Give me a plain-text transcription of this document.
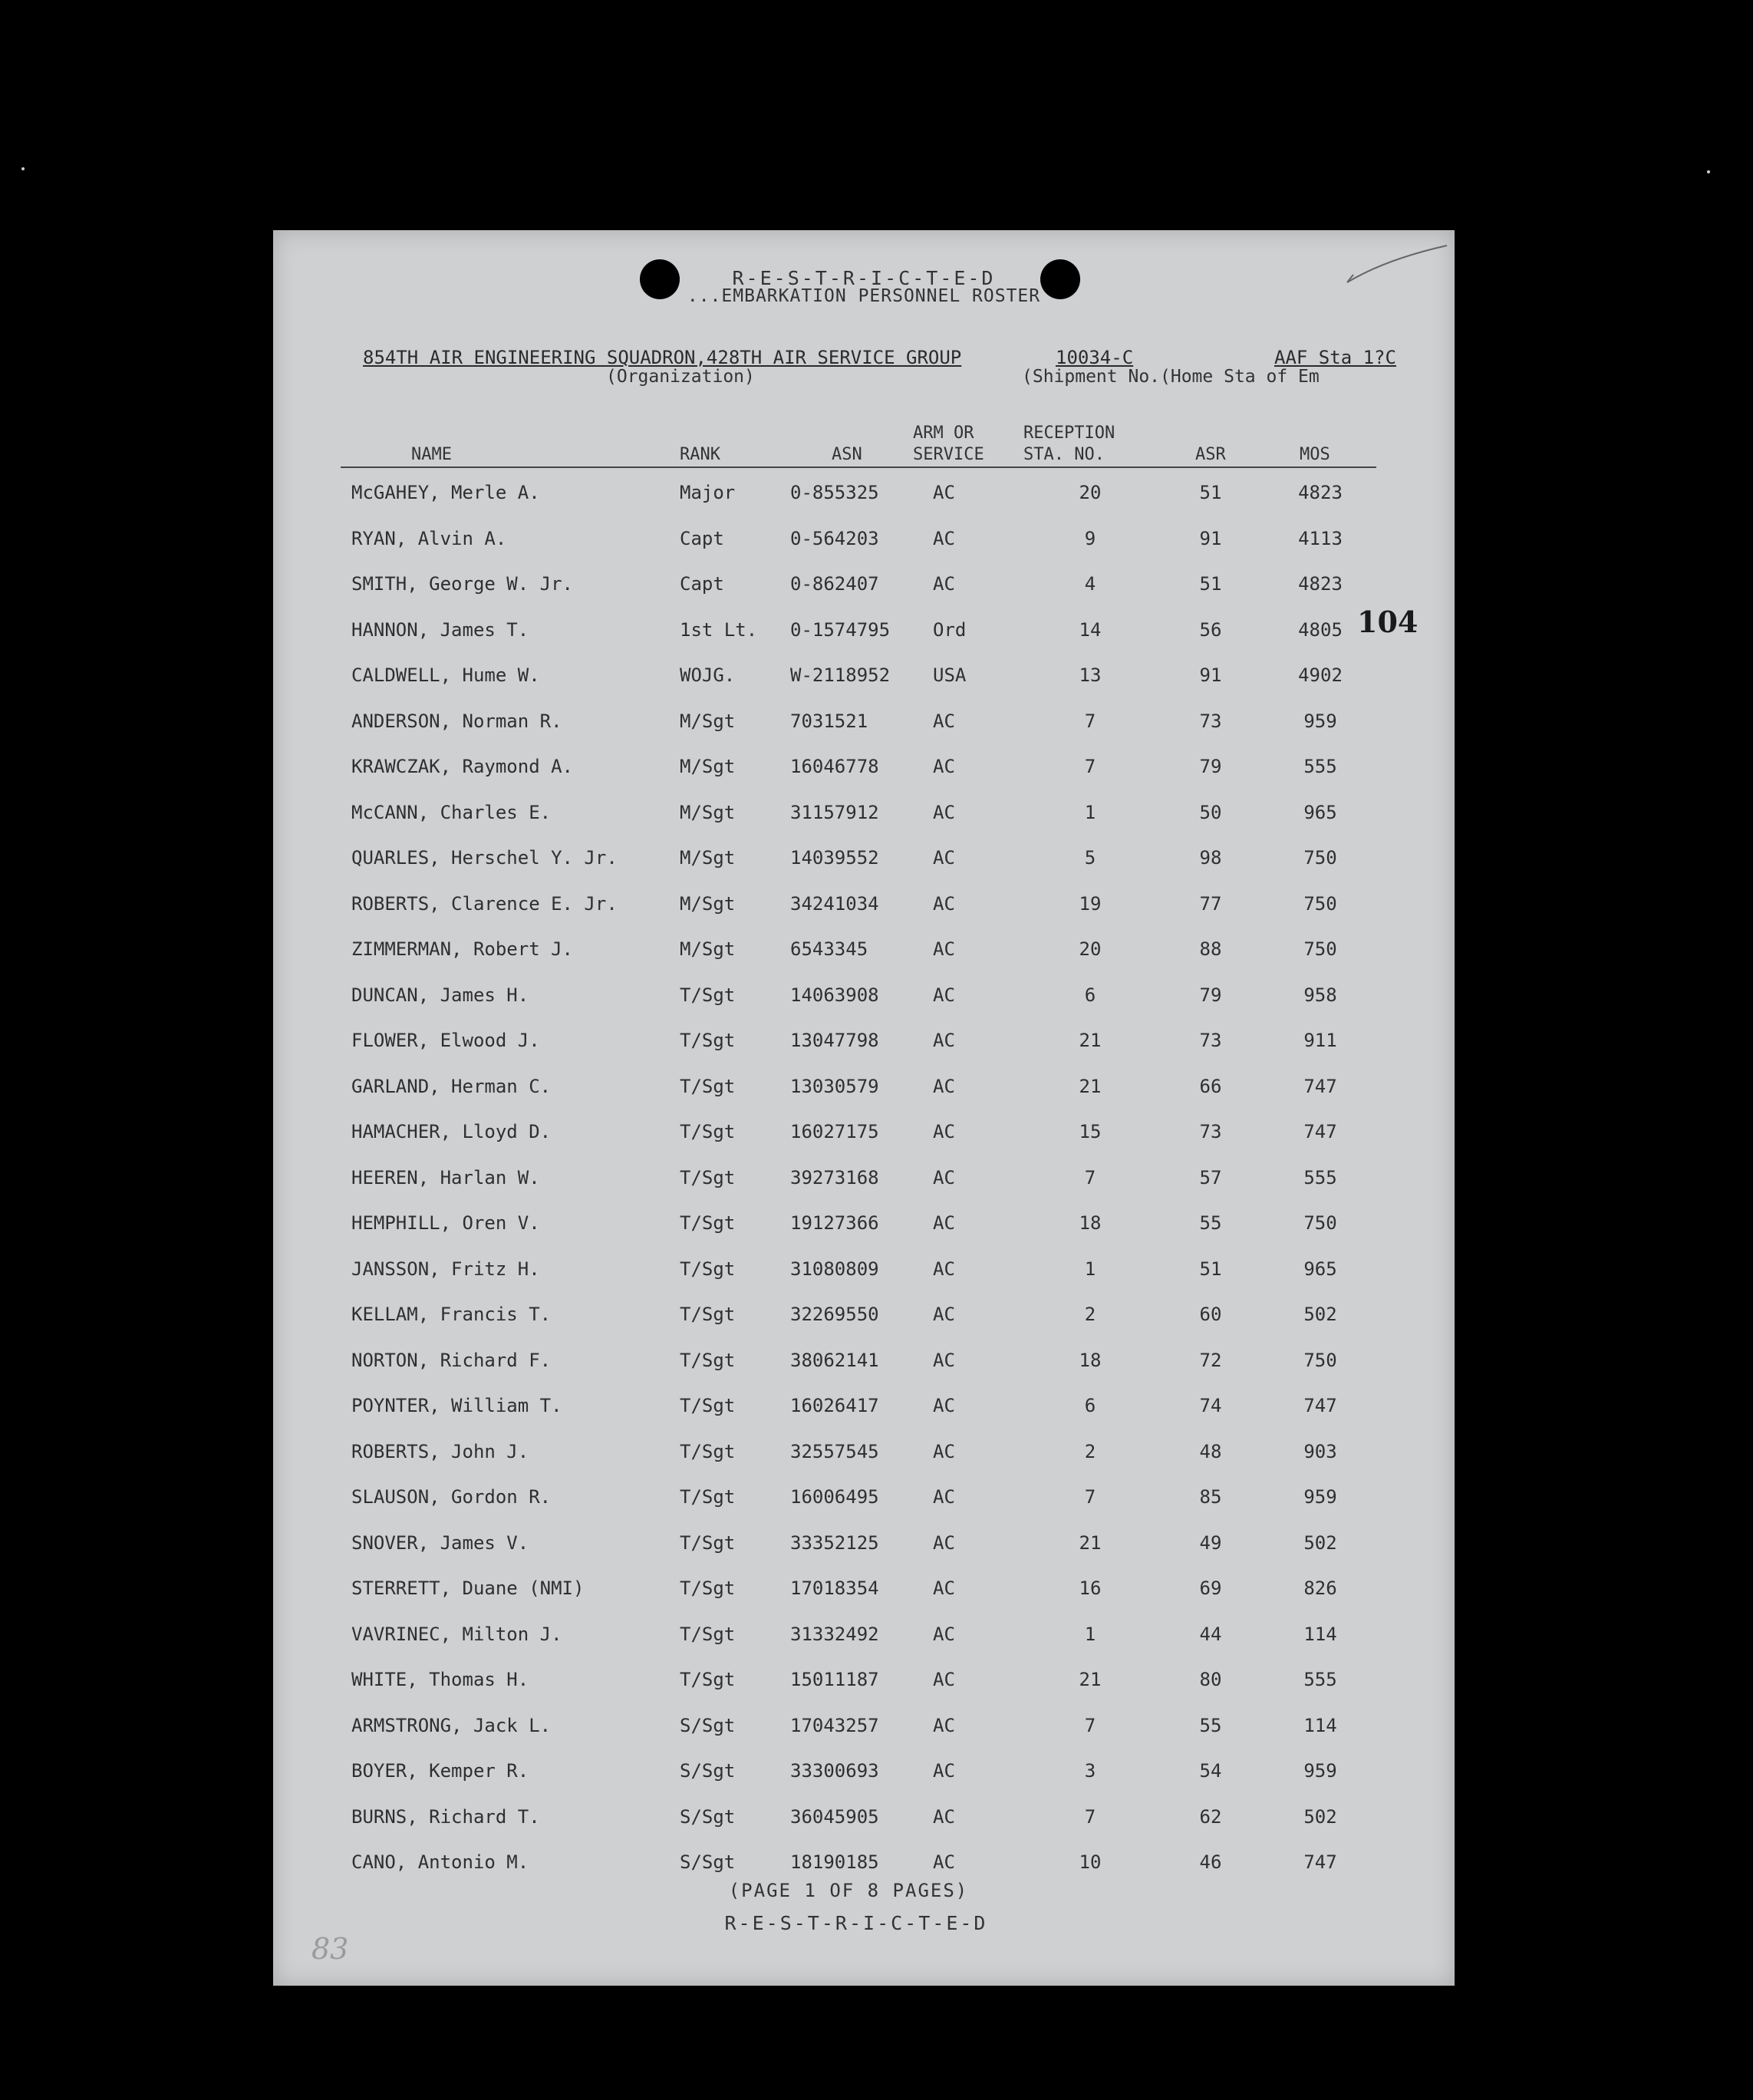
R-E-S-T-R-I-C-T-E-D
...EMBARKATION PERSONNEL ROSTER
854TH AIR ENGINEERING SQUADRON,428TH AIR SERVICE GROUP	10034-C	AAF Sta 1?C
(Organization)	(Shipment No.(Home Sta of Em
NAME	RANK	ASN
ARM OR
SERVICE
RECEPTION
STA. NO.	ASR	MOS
McGAHEY, Merle A.	Major	0-855325	AC	20	51	4823
RYAN, Alvin A.	Capt	0-564203	AC	9	91	4113
SMITH, George W. Jr.	Capt	0-862407	AC	4	51	4823
HANNON, James T.	1st Lt. 0-1574795 Ord	14	56	4805
CALDWELL, Hume W.	WOJG.	W-2118952 USA	13	91	4902
ANDERSON, Norman R.	M/Sgt	7031521	AC	7	73	959
KRAWCZAK, Raymond A.	M/Sgt	16046778	AC	7	79	555
McCANN, Charles E.	M/Sgt	31157912	AC	1	50	965
QUARLES, Herschel Y. Jr.	M/Sgt	14039552	AC	5	98	750
ROBERTS, Clarence E. Jr.	M/Sgt	34241034	AC	19	77	750
ZIMMERMAN, Robert J.	M/Sgt	6543345	AC	20	88	750
DUNCAN, James H.	T/Sgt	14063908	AC	6	79	958
FLOWER, Elwood J.	T/Sgt	13047798	AC	21	73	911
GARLAND, Herman C.	T/Sgt	13030579	AC	21	66	747
HAMACHER, Lloyd D.	T/Sgt	16027175	AC	15	73	747
HEEREN, Harlan W.	T/Sgt	39273168	AC	7	57	555
HEMPHILL, Oren V.	T/Sgt	19127366	AC	18	55	750
JANSSON, Fritz H.	T/Sgt	31080809	AC	1	51	965
KELLAM, Francis T.	T/Sgt	32269550	AC	2	60	502
NORTON, Richard F.	T/Sgt	38062141	AC	18	72	750
POYNTER, William T.	T/Sgt	16026417	AC	6	74	747
ROBERTS, John J.	T/Sgt	32557545	AC	2	48	903
SLAUSON, Gordon R.	T/Sgt	16006495	AC	7	85	959
SNOVER, James V.	T/Sgt	33352125	AC	21	49	502
STERRETT, Duane (NMI)	T/Sgt	17018354	AC	16	69	826
VAVRINEC, Milton J.	T/Sgt	31332492	AC	1	44	114
WHITE, Thomas H.	T/Sgt	15011187	AC	21	80	555
ARMSTRONG, Jack L.	S/Sgt	17043257	AC	7	55	114
BOYER, Kemper R.	S/Sgt	33300693	AC	3	54	959
BURNS, Richard T.	S/Sgt	36045905	AC	7	62	502
CANO, Antonio M.	S/Sgt	18190185	AC	10	46	747
104
(PAGE 1 OF 8 PAGES)
R-E-S-T-R-I-C-T-E-D
83
